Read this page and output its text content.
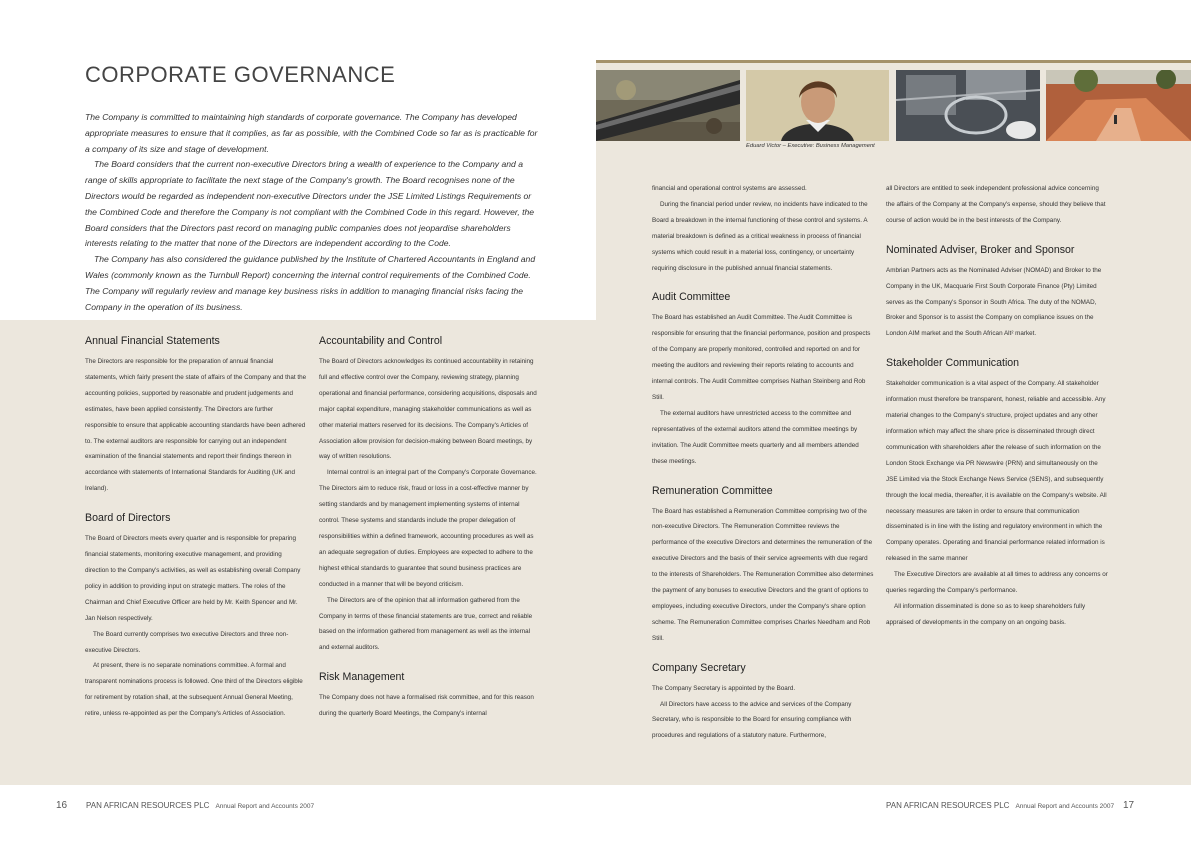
Eduard Victor – Executive: Business Management
CORPORATE GOVERNANCE

The Company is committed to maintaining high standards of corporate governance. The Company has developed appropriate measures to ensure that it complies, as far as possible, with the Combined Code so far as is practicable for a company of its size and stage of development.

The Board considers that the current non-executive Directors bring a wealth of experience to the Company and a range of skills appropriate to facilitate the next stage of the Company's growth. The Board recognises none of the Directors would be regarded as independent non-executive Directors under the JSE Limited Listings Requirements or the Combined Code and therefore the Company is not compliant with the Combined Code in this regard. However, the Board considers that the Directors past record on managing public companies does not jeopardise shareholders interests relating to the matter that none of the Directors are independent according to the Code.

The Company has also considered the guidance published by the Institute of Chartered Accountants in England and Wales (commonly known as the Turnbull Report) concerning the internal control requirements of the Combined Code. The Company will regularly review and manage key business risks in addition to managing financial risks facing the Company in the operation of its business.

Annual Financial Statements

The Directors are responsible for the preparation of annual financial statements, which fairly present the state of affairs of the Company and that the accounting policies, supported by reasonable and prudent judgements and estimates, have been applied consistently. The Directors are further responsible to ensure that applicable accounting standards have been adhered to. The external auditors are responsible for carrying out an independent examination of the financial statements and report their findings thereon in accordance with statements of International Standards for Auditing (UK and Ireland).

Board of Directors

The Board of Directors meets every quarter and is responsible for preparing financial statements, monitoring executive management, and providing direction to the Company's activities, as well as establishing overall Company policy in addition to providing input on strategic matters. The roles of the Chairman and Chief Executive Officer are held by Mr. Keith Spencer and Mr. Jan Nelson respectively.

The Board currently comprises two executive Directors and three non-executive Directors.

At present, there is no separate nominations committee. A formal and transparent nominations process is followed. One third of the Directors eligible for retirement by rotation shall, at the subsequent Annual General Meeting, retire, unless re-appointed as per the Company's Articles of Association.

Accountability and Control

The Board of Directors acknowledges its continued accountability in retaining full and effective control over the Company, reviewing strategy, planning operational and financial performance, considering acquisitions, disposals and major capital expenditure, managing stakeholder communications as well as other material matters reserved for its decisions. The Company's Articles of Association allow provision for decision-making between Board meetings, by way of written resolutions.

Internal control is an integral part of the Company's Corporate Governance. The Directors aim to reduce risk, fraud or loss in a cost-effective manner by setting standards and by management implementing systems of internal control. These systems and standards include the proper delegation of responsibilities within a defined framework, accounting procedures as well as an adequate segregation of duties. Employees are expected to adhere to the highest ethical standards to guarantee that sound business practices are conducted in a manner that will be beyond criticism.

The Directors are of the opinion that all information gathered from the Company in terms of these financial statements are true, correct and reliable based on the information gathered from management as well as the internal and external auditors.

Risk Management

The Company does not have a formalised risk committee, and for this reason during the quarterly Board Meetings, the Company's internal

financial and operational control systems are assessed.

During the financial period under review, no incidents have indicated to the Board a breakdown in the internal functioning of these control and systems. A material breakdown is defined as a critical weakness in process of financial systems which could result in a material loss, contingency, or uncertainty requiring disclosure in the published annual financial statements.

Audit Committee

The Board has established an Audit Committee. The Audit Committee is responsible for ensuring that the financial performance, position and prospects of the Company are properly monitored, controlled and reported on and for meeting the auditors and reviewing their reports relating to accounts and internal controls. The Audit Committee comprises Nathan Steinberg and Rob Still.

The external auditors have unrestricted access to the committee and representatives of the external auditors attend the committee meetings by invitation. The Audit Committee meets quarterly and all members attended these meetings.

Remuneration Committee

The Board has established a Remuneration Committee comprising two of the non-executive Directors. The Remuneration Committee reviews the performance of the executive Directors and determines the remuneration of the executive Directors and the basis of their service agreements with due regard to the interests of Shareholders. The Remuneration Committee also determines the payment of any bonuses to executive Directors and the grant of options to employees, including executive Directors, under the Company's share option scheme. The Remuneration Committee comprises Charles Needham and Rob Still.

Company Secretary

The Company Secretary is appointed by the Board.

All Directors have access to the advice and services of the Company Secretary, who is responsible to the Board for ensuring compliance with procedures and regulations of a statutory nature. Furthermore,

all Directors are entitled to seek independent professional advice concerning the affairs of the Company at the Company's expense, should they believe that course of action would be in the best interests of the Company.

Nominated Adviser, Broker and Sponsor

Ambrian Partners acts as the Nominated Adviser (NOMAD) and Broker to the Company in the UK, Macquarie First South Corporate Finance (Pty) Limited serves as the Company's Sponsor in South Africa. The duty of the NOMAD, Broker and Sponsor is to assist the Company on compliance issues on the London AIM market and the South African Alt² market.

Stakeholder Communication

Stakeholder communication is a vital aspect of the Company. All stakeholder information must therefore be transparent, honest, reliable and accessible. Any material changes to the Company's structure, project updates and any other information which may affect the share price is disseminated through direct communication with shareholders after the release of such information on the London Stock Exchange via PR Newswire (PRN) and simultaneously on the JSE Limited via the Stock Exchange News Service (SENS), and subsequently through the local media, thereafter, it is available on the Company's website. All necessary measures are taken in order to ensure that communication disseminated is in line with the listing and regulatory environment in which the Company operates. Operating and financial performance related information is released in the same manner

The Executive Directors are available at all times to address any concerns or queries regarding the Company's performance.

All information disseminated is done so as to keep shareholders fully appraised of developments in the company on an ongoing basis.

16 PAN AFRICAN RESOURCES PLC Annual Report and Accounts 2007	PAN AFRICAN RESOURCES PLC Annual Report and Accounts 2007 17
